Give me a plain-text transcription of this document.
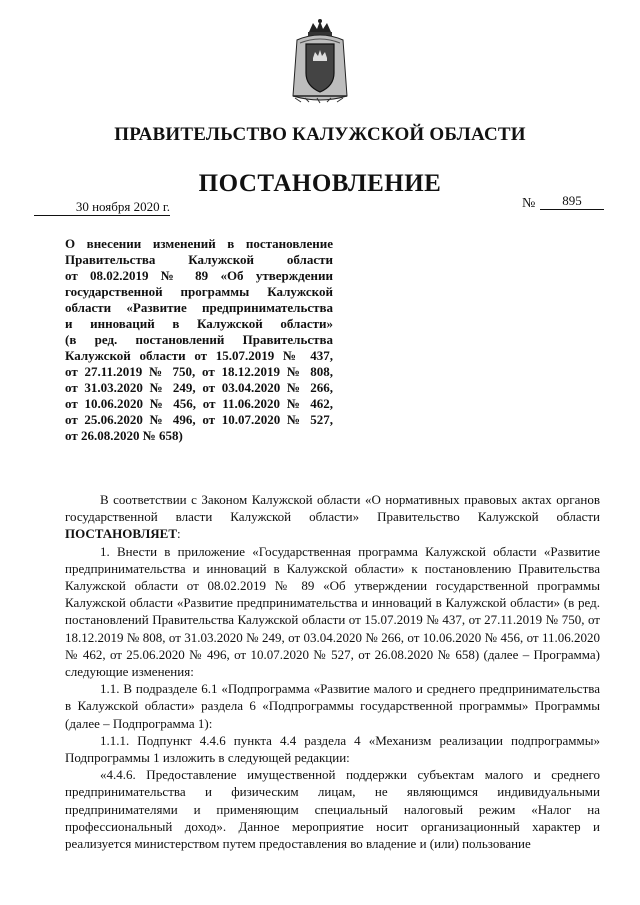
ПРАВИТЕЛЬСТВО КАЛУЖСКОЙ ОБЛАСТИ
ПОСТАНОВЛЕНИЕ
30 ноября 2020 г.	№	895
О внесении изменений в постановление
Правительства Калужской области
от 08.02.2019 № 89 «Об утверждении
государственной программы Калужской
области «Развитие предпринимательства
и инноваций в Калужской области»
(в ред. постановлений Правительства
Калужской области от 15.07.2019 № 437,
от 27.11.2019 № 750, от 18.12.2019 № 808,
от 31.03.2020 № 249, от 03.04.2020 № 266,
от 10.06.2020 № 456, от 11.06.2020 № 462,
от 25.06.2020 № 496, от 10.07.2020 № 527,
от 26.08.2020 № 658)

В соответствии с Законом Калужской области «О нормативных правовых актах органов государственной власти Калужской области» Правительство Калужской области ПОСТАНОВЛЯЕТ:

1. Внести в приложение «Государственная программа Калужской области «Развитие предпринимательства и инноваций в Калужской области» к постановлению Правительства Калужской области от 08.02.2019 № 89 «Об утверждении государственной программы Калужской области «Развитие предпринимательства и инноваций в Калужской области» (в ред. постановлений Правительства Калужской области от 15.07.2019 № 437, от 27.11.2019 № 750, от 18.12.2019 № 808, от 31.03.2020 № 249, от 03.04.2020 № 266, от 10.06.2020 № 456, от 11.06.2020 № 462, от 25.06.2020 № 496, от 10.07.2020 № 527, от 26.08.2020 № 658) (далее – Программа) следующие изменения:

1.1. В подразделе 6.1 «Подпрограмма «Развитие малого и среднего предпринимательства в Калужской области» раздела 6 «Подпрограммы государственной программы» Программы (далее – Подпрограмма 1):

1.1.1. Подпункт 4.4.6 пункта 4.4 раздела 4 «Механизм реализации подпрограммы» Подпрограммы 1 изложить в следующей редакции:

«4.4.6. Предоставление имущественной поддержки субъектам малого и среднего предпринимательства и физическим лицам, не являющимся индивидуальными предпринимателями и применяющим специальный налоговый режим «Налог на профессиональный доход». Данное мероприятие носит организационный характер и реализуется министерством путем предоставления во владение и (или) пользование
